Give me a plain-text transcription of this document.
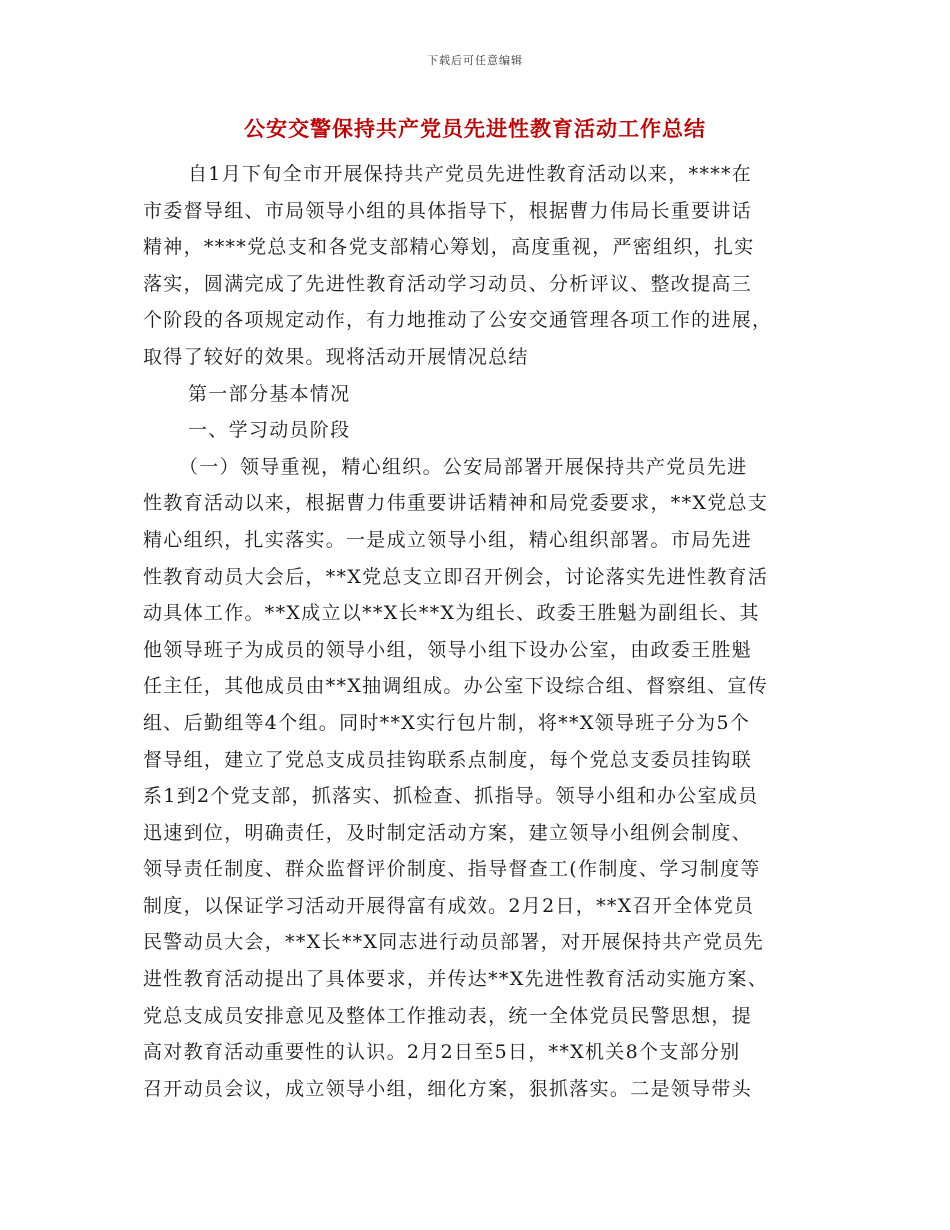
下载后可任意编辑
公安交警保持共产党员先进性教育活动工作总结
自1月下旬全市开展保持共产党员先进性教育活动以来，****在
市委督导组、市局领导小组的具体指导下，根据曹力伟局长重要讲话
精神，****党总支和各党支部精心筹划，高度重视，严密组织，扎实
落实，圆满完成了先进性教育活动学习动员、分析评议、整改提高三
个阶段的各项规定动作，有力地推动了公安交通管理各项工作的进展，
取得了较好的效果。现将活动开展情况总结
第一部分基本情况
一、学习动员阶段
（一）领导重视，精心组织。公安局部署开展保持共产党员先进
性教育活动以来，根据曹力伟重要讲话精神和局党委要求，**X党总支
精心组织，扎实落实。一是成立领导小组，精心组织部署。市局先进
性教育动员大会后，**X党总支立即召开例会，讨论落实先进性教育活
动具体工作。**X成立以**X长**X为组长、政委王胜魁为副组长、其
他领导班子为成员的领导小组，领导小组下设办公室，由政委王胜魁
任主任，其他成员由**X抽调组成。办公室下设综合组、督察组、宣传
组、后勤组等4个组。同时**X实行包片制，将**X领导班子分为5个
督导组，建立了党总支成员挂钩联系点制度，每个党总支委员挂钩联
系1到2个党支部，抓落实、抓检查、抓指导。领导小组和办公室成员
迅速到位，明确责任，及时制定活动方案，建立领导小组例会制度、
领导责任制度、群众监督评价制度、指导督查工(作制度、学习制度等
制度，以保证学习活动开展得富有成效。2月2日，**X召开全体党员
民警动员大会，**X长**X同志进行动员部署，对开展保持共产党员先
进性教育活动提出了具体要求，并传达**X先进性教育活动实施方案、
党总支成员安排意见及整体工作推动表，统一全体党员民警思想，提
高对教育活动重要性的认识。2月2日至5日，**X机关8个支部分别
召开动员会议，成立领导小组，细化方案，狠抓落实。二是领导带头
